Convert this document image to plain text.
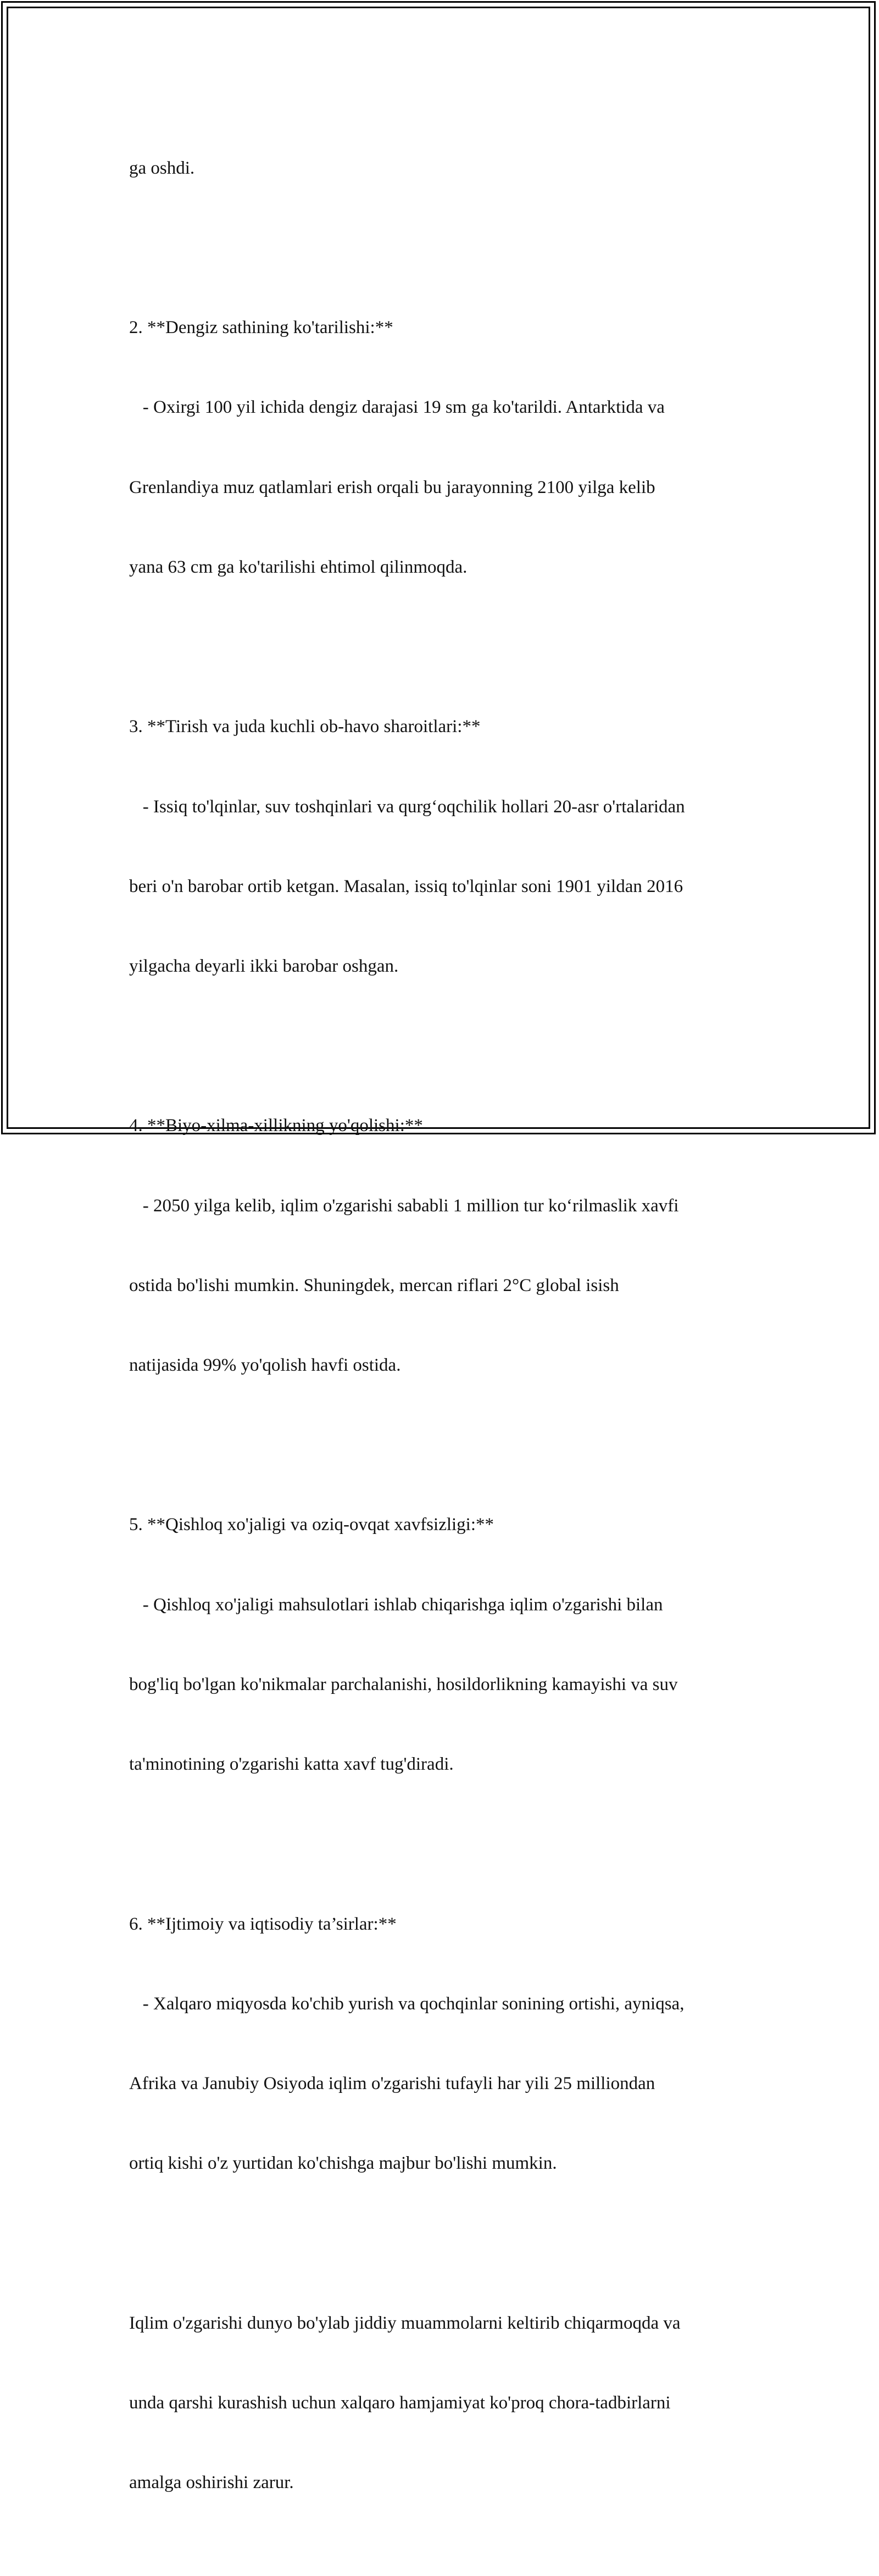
ga oshdi.

2. **Dengiz sathining ko'tarilishi:**

- Oxirgi 100 yil ichida dengiz darajasi 19 sm ga ko'tarildi. Antarktida va

Grenlandiya muz qatlamlari erish orqali bu jarayonning 2100 yilga kelib

yana 63 cm ga ko'tarilishi ehtimol qilinmoqda.

3. **Tirish va juda kuchli ob-havo sharoitlari:**

- Issiq to'lqinlar, suv toshqinlari va qurg‘oqchilik hollari 20-asr o'rtalaridan

beri o'n barobar ortib ketgan. Masalan, issiq to'lqinlar soni 1901 yildan 2016

yilgacha deyarli ikki barobar oshgan.

4. **Biyo-xilma-xillikning yo'qolishi:**

- 2050 yilga kelib, iqlim o'zgarishi sababli 1 million tur ko‘rilmaslik xavfi

ostida bo'lishi mumkin. Shuningdek, mercan riflari 2°C global isish

natijasida 99% yo'qolish havfi ostida.

5. **Qishloq xo'jaligi va oziq-ovqat xavfsizligi:**

- Qishloq xo'jaligi mahsulotlari ishlab chiqarishga iqlim o'zgarishi bilan

bog'liq bo'lgan ko'nikmalar parchalanishi, hosildorlikning kamayishi va suv

ta'minotining o'zgarishi katta xavf tug'diradi.

6. **Ijtimoiy va iqtisodiy ta’sirlar:**

- Xalqaro miqyosda ko'chib yurish va qochqinlar sonining ortishi, ayniqsa,

Afrika va Janubiy Osiyoda iqlim o'zgarishi tufayli har yili 25 milliondan

ortiq kishi o'z yurtidan ko'chishga majbur bo'lishi mumkin.

Iqlim o'zgarishi dunyo bo'ylab jiddiy muammolarni keltirib chiqarmoqda va

unda qarshi kurashish uchun xalqaro hamjamiyat ko'proq chora-tadbirlarni

amalga oshirishi zarur.
